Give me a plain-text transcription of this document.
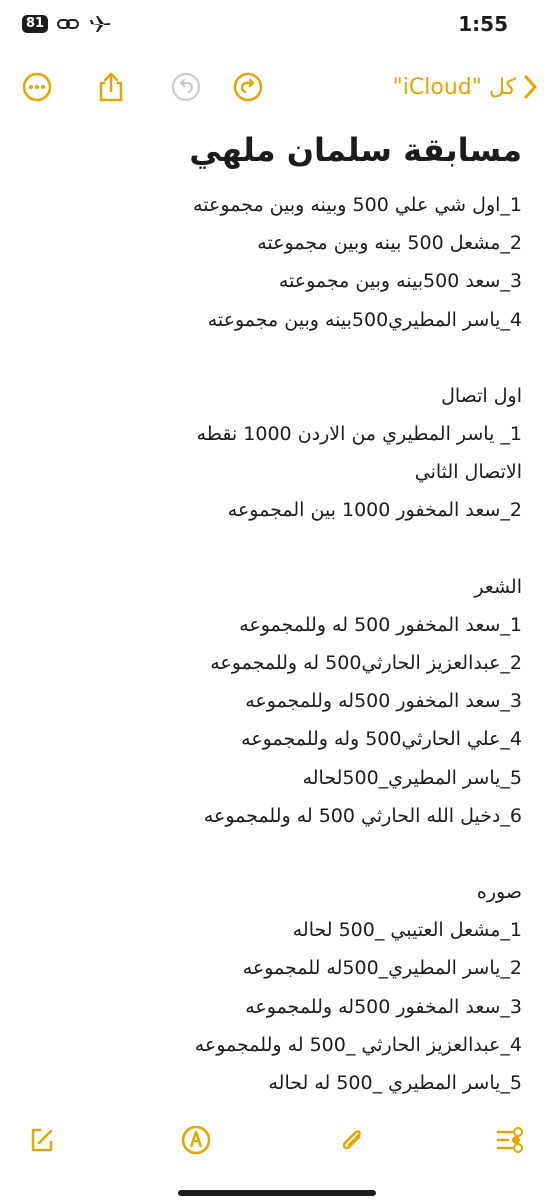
81	1:55
كل "iCloud"
مسابقة سلمان ملهي
1_اول شي علي 500 وبينه وبين مجموعته
2_مشعل 500 بينه وبين مجموعته
3_سعد 500بينه وبين مجموعته
4_ياسر المطيري500بينه وبين مجموعته
اول اتصال
1_ ياسر المطيري من الاردن 1000 نقطه
الاتصال الثاني
2_سعد المخفور 1000 بين المجموعه
الشعر
1_سعد المخفور 500 له وللمجموعه
2_عبدالعزيز الحارثي500 له وللمجموعه
3_سعد المخفور 500له وللمجموعه
4_علي الحارثي500 وله وللمجموعه
5_ياسر المطيري_500لحاله
6_دخيل الله الحارثي 500 له وللمجموعه
صوره
1_مشعل العتيبي _500 لحاله
2_ياسر المطيري_500له للمجموعه
3_سعد المخفور 500له وللمجموعه
4_عبدالعزيز الحارثي _500 له وللمجموعه
5_ياسر المطيري _500 له لحاله
